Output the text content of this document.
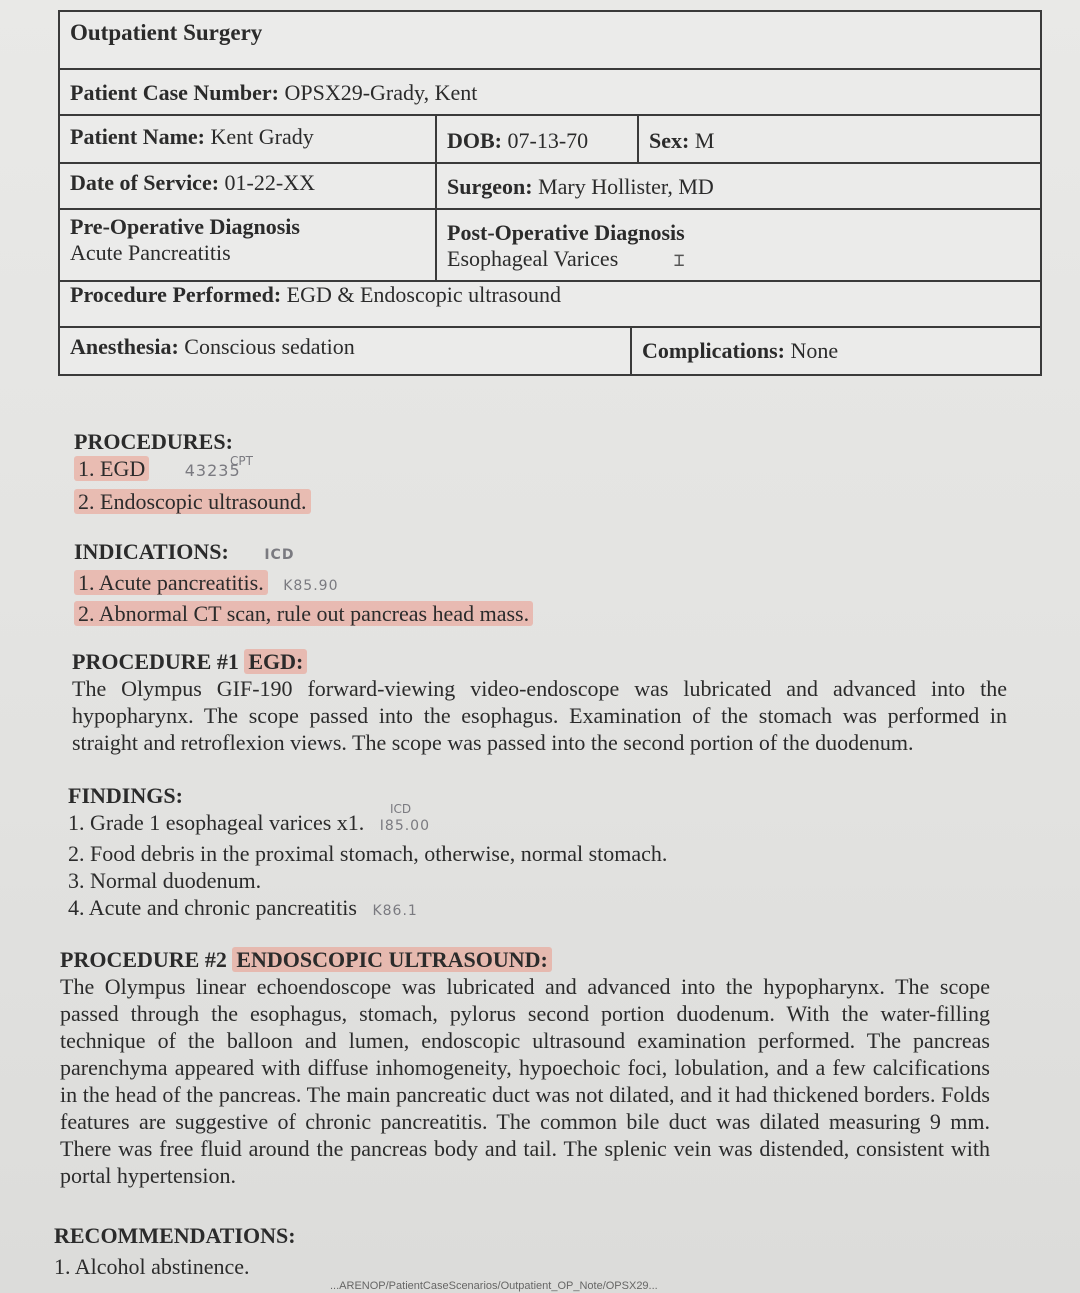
Outpatient Surgery
Patient Case Number: OPSX29-Grady, Kent
Patient Name: Kent Grady	DOB: 07-13-70	Sex: M
Date of Service: 01-22-XX	Surgeon: Mary Hollister, MD
Pre-Operative Diagnosis
Acute Pancreatitis
Post-Operative Diagnosis
Esophageal Varices	⌶
Procedure Performed: EGD & Endoscopic ultrasound
Anesthesia: Conscious sedation	Complications: None
PROCEDURES:
CPT
1. EGD 43235
2. Endoscopic ultrasound.
INDICATIONS:	ICD
1. Acute pancreatitis. K85.90
2. Abnormal CT scan, rule out pancreas head mass.
PROCEDURE #1 EGD:
The Olympus GIF-190 forward-viewing video-endoscope was lubricated and advanced into the hypopharynx. The scope passed into the esophagus. Examination of the stomach was performed in straight and retroflexion views. The scope was passed into the second portion of the duodenum.
FINDINGS:
ICD
1. Grade 1 esophageal varices x1. I85.00
2. Food debris in the proximal stomach, otherwise, normal stomach.
3. Normal duodenum.
4. Acute and chronic pancreatitis K86.1
PROCEDURE #2 ENDOSCOPIC ULTRASOUND:
The Olympus linear echoendoscope was lubricated and advanced into the hypopharynx. The scope passed through the esophagus, stomach, pylorus second portion duodenum. With the water-filling technique of the balloon and lumen, endoscopic ultrasound examination performed. The pancreas parenchyma appeared with diffuse inhomogeneity, hypoechoic foci, lobulation, and a few calcifications in the head of the pancreas. The main pancreatic duct was not dilated, and it had thickened borders. Folds features are suggestive of chronic pancreatitis. The common bile duct was dilated measuring 9 mm. There was free fluid around the pancreas body and tail. The splenic vein was distended, consistent with portal hypertension.
RECOMMENDATIONS:
1. Alcohol abstinence.
...ARENOP/PatientCaseScenarios/Outpatient_OP_Note/OPSX29...
